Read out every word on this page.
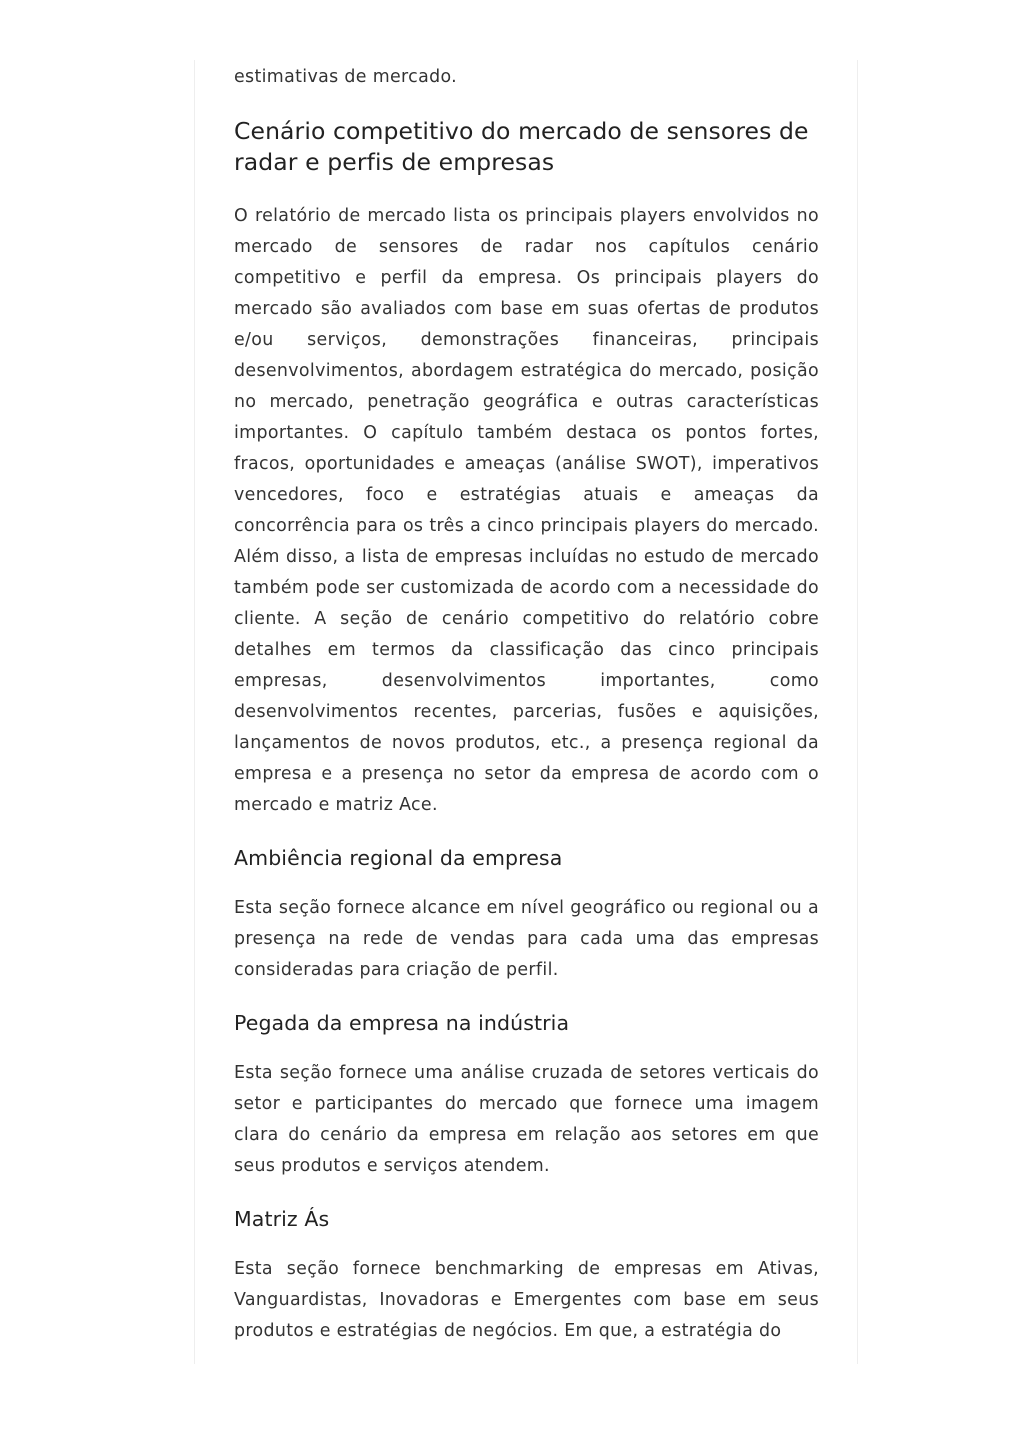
estimativas de mercado.

Cenário competitivo do mercado de sensores de radar e perfis de empresas

O relatório de mercado lista os principais players envolvidos no mercado de sensores de radar nos capítulos cenário competitivo e perfil da empresa. Os principais players do mercado são avaliados com base em suas ofertas de produtos e/ou serviços, demonstrações financeiras, principais desenvolvimentos, abordagem estratégica do mercado, posição no mercado, penetração geográfica e outras características importantes. O capítulo também destaca os pontos fortes, fracos, oportunidades e ameaças (análise SWOT), imperativos vencedores, foco e estratégias atuais e ameaças da concorrência para os três a cinco principais players do mercado. Além disso, a lista de empresas incluídas no estudo de mercado também pode ser customizada de acordo com a necessidade do cliente. A seção de cenário competitivo do relatório cobre detalhes em termos da classificação das cinco principais empresas, desenvolvimentos importantes, como desenvolvimentos recentes, parcerias, fusões e aquisições, lançamentos de novos produtos, etc., a presença regional da empresa e a presença no setor da empresa de acordo com o mercado e matriz Ace.

Ambiência regional da empresa

Esta seção fornece alcance em nível geográfico ou regional ou a presença na rede de vendas para cada uma das empresas consideradas para criação de perfil.

Pegada da empresa na indústria

Esta seção fornece uma análise cruzada de setores verticais do setor e participantes do mercado que fornece uma imagem clara do cenário da empresa em relação aos setores em que seus produtos e serviços atendem.

Matriz Ás

Esta seção fornece benchmarking de empresas em Ativas, Vanguardistas, Inovadoras e Emergentes com base em seus produtos e estratégias de negócios. Em que, a estratégia do
